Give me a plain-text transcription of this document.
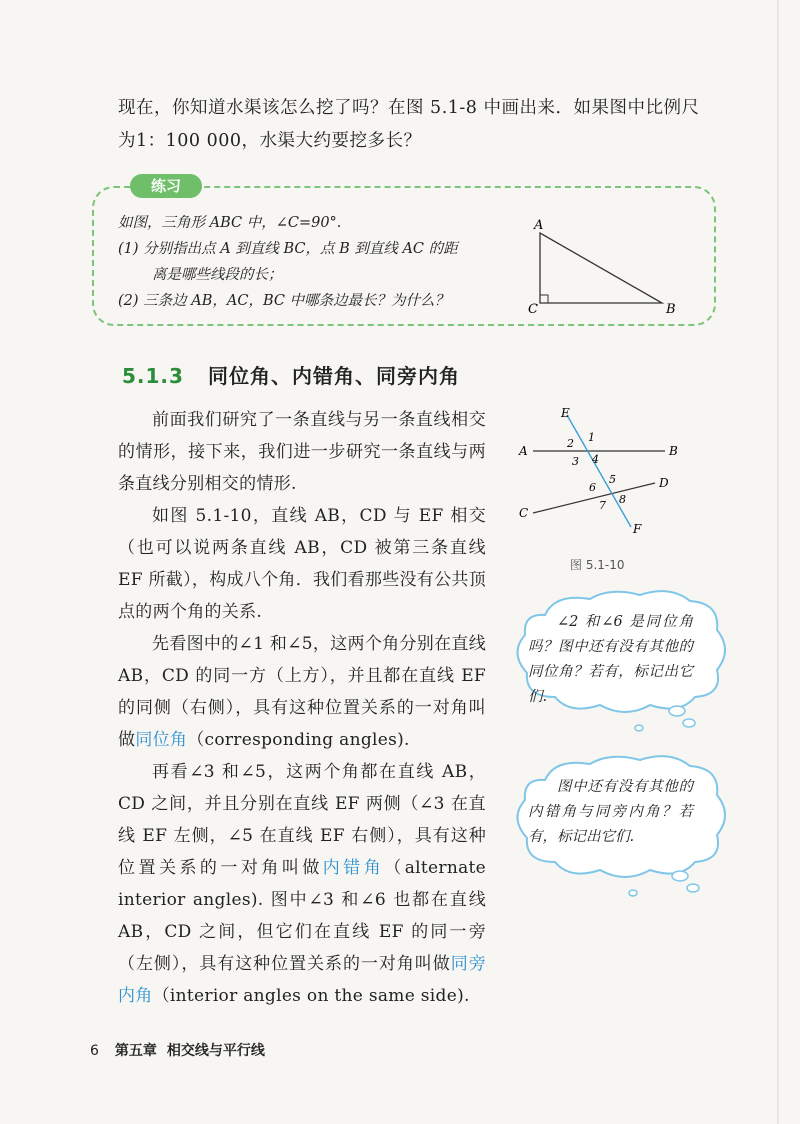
现在，你知道水渠该怎么挖了吗？在图 5.1-8 中画出来．如果图中比例尺

为1：100 000，水渠大约要挖多长？

练习
如图，三角形 ABC 中，∠C=90°.
(1) 分别指出点 A 到直线 BC，点 B 到直线 AC 的距
离是哪些线段的长；
(2) 三条边 AB，AC，BC 中哪条边最长？为什么？
A
C	B
5.1.3 同位角、内错角、同旁内角

前面我们研究了一条直线与另一条直线相交的情形，接下来，我们进一步研究一条直线与两条直线分别相交的情形.

如图 5.1-10，直线 AB，CD 与 EF 相交（也可以说两条直线 AB，CD 被第三条直线 EF 所截），构成八个角．我们看那些没有公共顶点的两个角的关系.

先看图中的∠1 和∠5，这两个角分别在直线 AB，CD 的同一方（上方），并且都在直线 EF 的同侧（右侧），具有这种位置关系的一对角叫做同位角（corresponding angles).

再看∠3 和∠5，这两个角都在直线 AB，CD 之间，并且分别在直线 EF 两侧（∠3 在直线 EF 左侧，∠5 在直线 EF 右侧），具有这种位置关系的一对角叫做内错角（alternate interior angles). 图中∠3 和∠6 也都在直线 AB，CD 之间，但它们在直线 EF 的同一旁（左侧），具有这种位置关系的一对角叫做同旁内角（interior angles on the same side).

E
F
A	B
C
D
1
2
3 4
5
6
7 8
图 5.1-10
∠2 和∠6 是同位角吗？图中还有没有其他的同位角？若有，标记出它们.
图中还有没有其他的内错角与同旁内角？若有，标记出它们.
6 第五章 相交线与平行线
